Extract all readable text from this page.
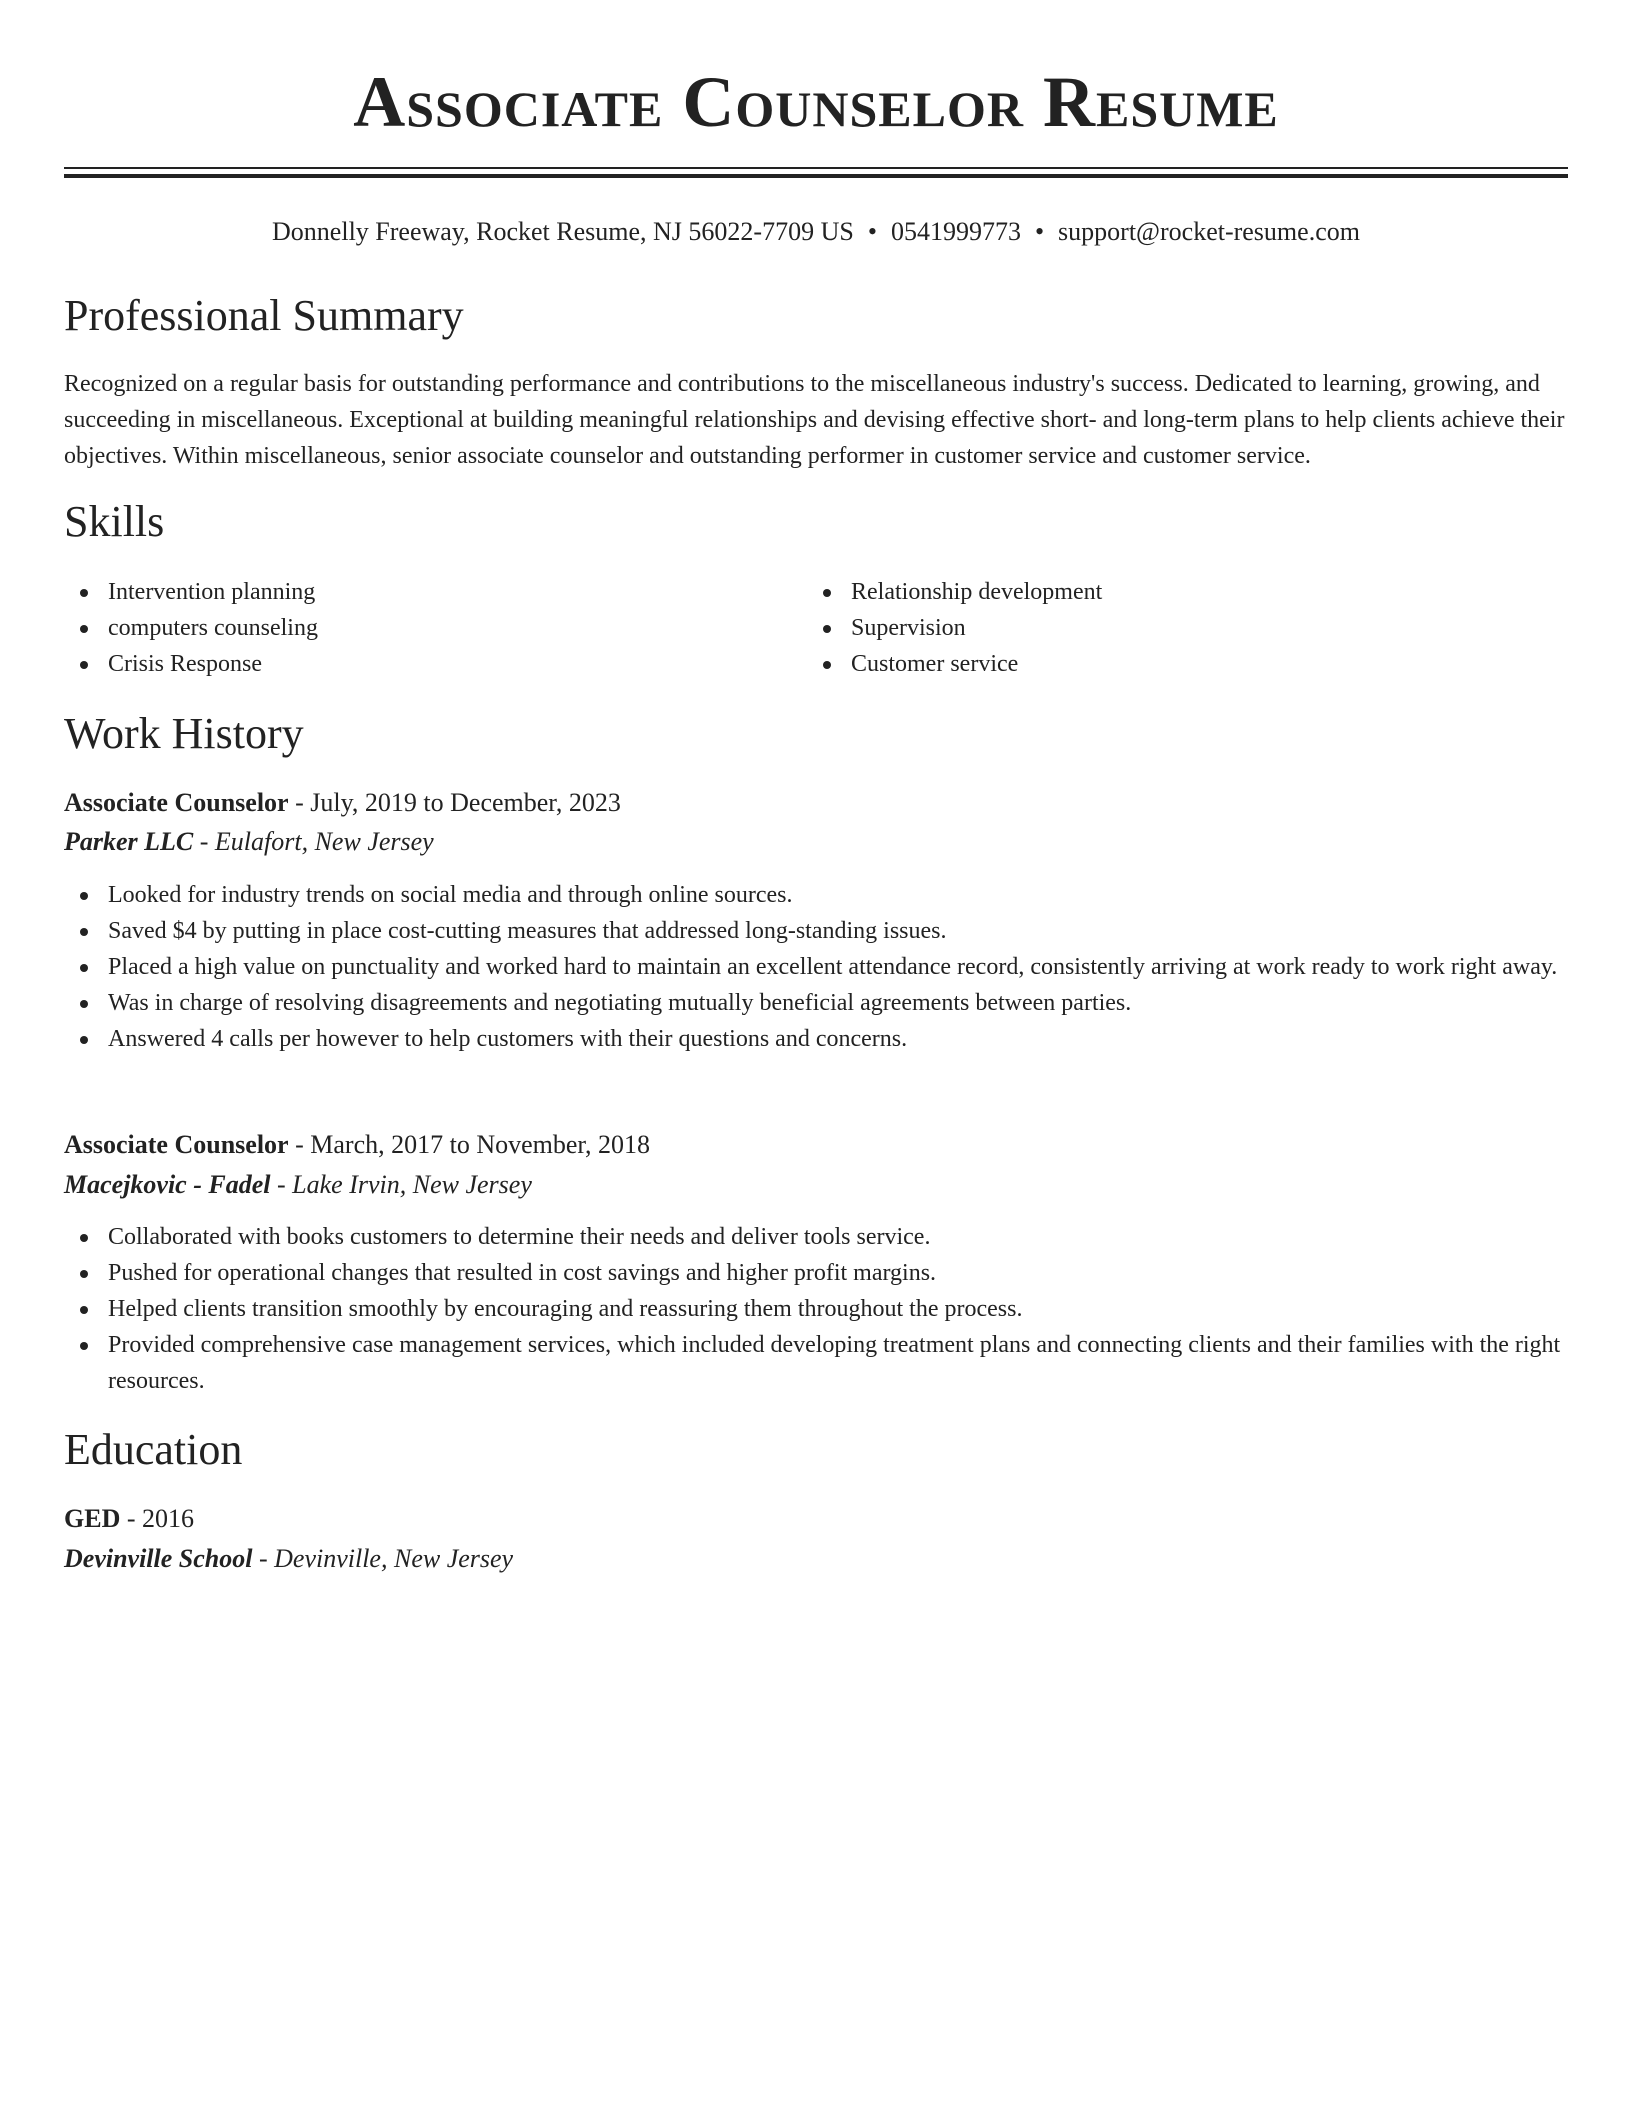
Associate Counselor Resume
Donnelly Freeway, Rocket Resume, NJ 56022-7709 US • 0541999773 • support@rocket-resume.com
Professional Summary

Recognized on a regular basis for outstanding performance and contributions to the miscellaneous industry's success. Dedicated to learning, growing, and succeeding in miscellaneous. Exceptional at building meaningful relationships and devising effective short- and long-term plans to help clients achieve their objectives. Within miscellaneous, senior associate counselor and outstanding performer in customer service and customer service.

Skills
Intervention planning
computers counseling
Crisis Response
Relationship development
Supervision
Customer service
Work History
Associate Counselor - July, 2019 to December, 2023
Parker LLC - Eulafort, New Jersey
Looked for industry trends on social media and through online sources.
Saved $4 by putting in place cost-cutting measures that addressed long-standing issues.
Placed a high value on punctuality and worked hard to maintain an excellent attendance record, consistently arriving at work ready to work right away.
Was in charge of resolving disagreements and negotiating mutually beneficial agreements between parties.
Answered 4 calls per however to help customers with their questions and concerns.
Associate Counselor - March, 2017 to November, 2018
Macejkovic - Fadel - Lake Irvin, New Jersey
Collaborated with books customers to determine their needs and deliver tools service.
Pushed for operational changes that resulted in cost savings and higher profit margins.
Helped clients transition smoothly by encouraging and reassuring them throughout the process.
Provided comprehensive case management services, which included developing treatment plans and connecting clients and their families with the right resources.
Education
GED - 2016
Devinville School - Devinville, New Jersey
